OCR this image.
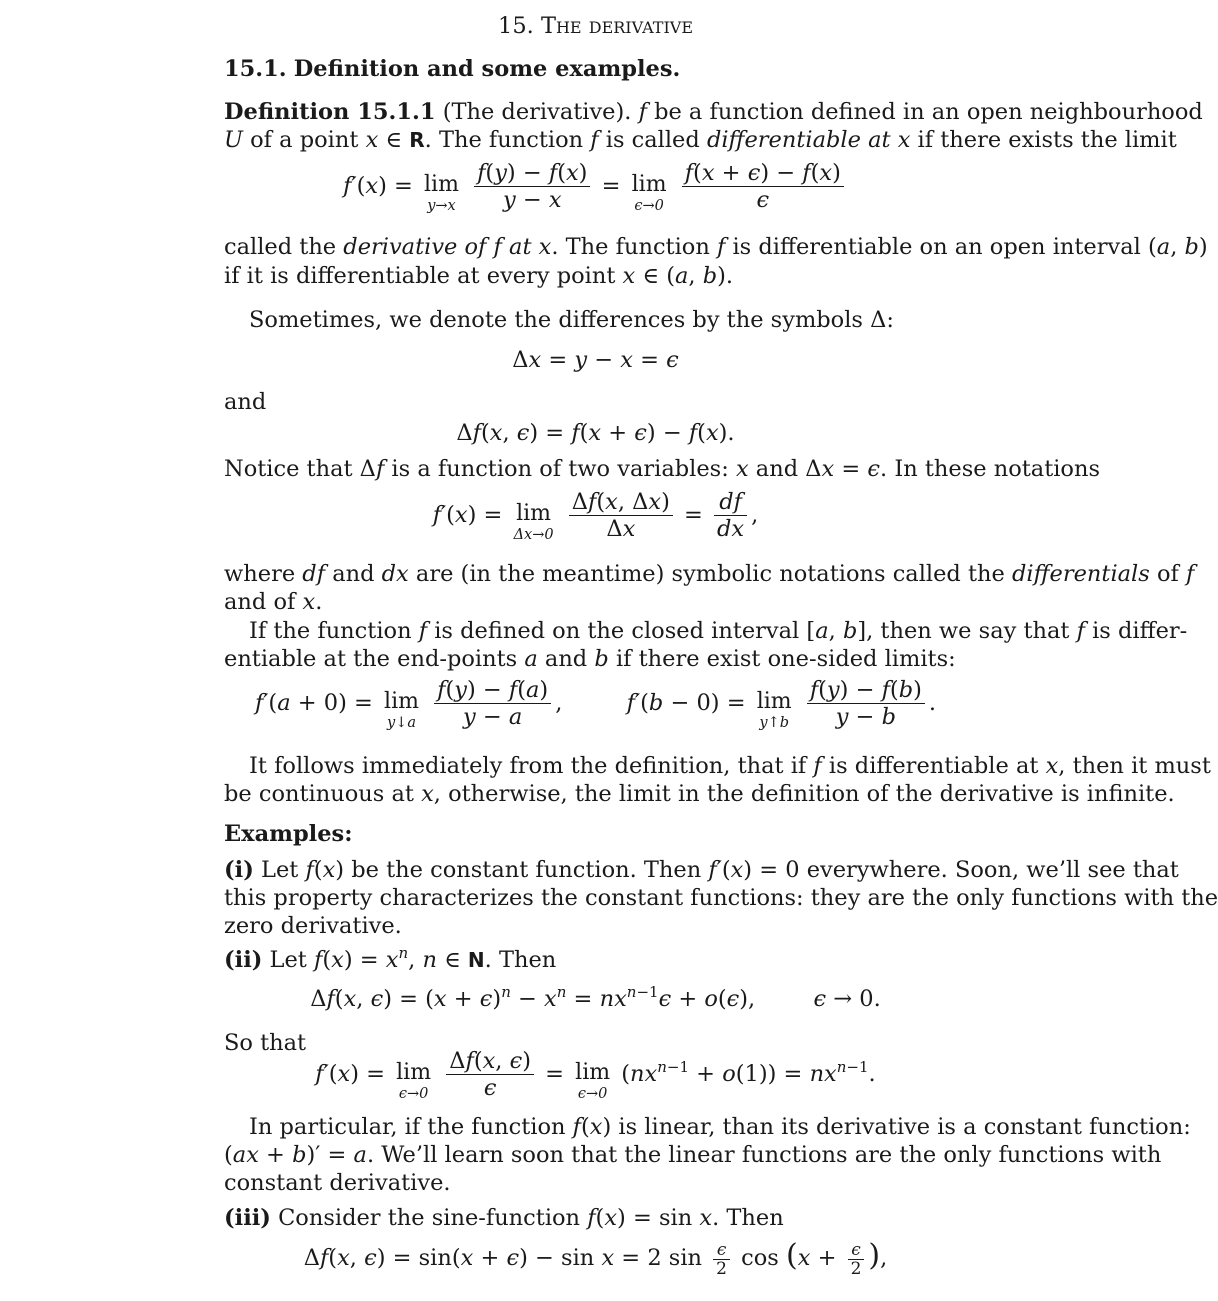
15. The derivative
15.1. Definition and some examples.
Definition 15.1.1 (The derivative). f be a function defined in an open neighbourhood
U of a point x ∈ R. The function f is called differentiable at x if there exists the limit
f′(x) = lim
y→x
$\frac{f(y) - f(x)}{y - x} = \lim$
ϵ→0
$\frac{f(x + \epsilon) - f(x)}{\epsilon}$
called the derivative of f at x. The function f is differentiable on an open interval (a, b)
if it is differentiable at every point x ∈ (a, b).
Sometimes, we denote the differences by the symbols Δ:
Δx = y − x = ϵ
and
Δf(x, ϵ) = f(x + ϵ) − f(x).
Notice that Δf is a function of two variables: x and Δx = ϵ. In these notations
f′(x) = lim
Δx→0
$\frac{\Delta f(x, \Delta x)}{\Delta x} = \frac{df}{dx}$ ,
where df and dx are (in the meantime) symbolic notations called the differentials of f
and of x.
If the function f is defined on the closed interval [a, b], then we say that f is differ-
entiable at the end-points a and b if there exist one-sided limits:
f′(a + 0) = lim
y↓a
$\frac{f(y) - f(a)}{y - a}$ ,	f′(b − 0) = lim
y↑b
$\frac{f(y) - f(b)}{y - b}$ .
It follows immediately from the definition, that if f is differentiable at x, then it must
be continuous at x, otherwise, the limit in the definition of the derivative is infinite.
Examples:
(i) Let f(x) be the constant function. Then f′(x) = 0 everywhere. Soon, we’ll see that
this property characterizes the constant functions: they are the only functions with the
zero derivative.
(ii) Let $f(x) = x^n$, n ∈ N. Then
Δf(x, $\epsilon) = (x + \epsilon)^n - x^n = nx^{n-1}\epsilon + o(\epsilon)$,  ϵ → 0.
So that
f′(x) = lim
ϵ→0
$\frac{\Delta f(x, \epsilon)}{\epsilon} = \lim$
ϵ→0
$(nx^{n-1} + o(1)) = nx^{n-1}$.
In particular, if the function f(x) is linear, than its derivative is a constant function:
(ax + b)′ = a. We’ll learn soon that the linear functions are the only functions with
constant derivative.
(iii) Consider the sine-function f(x) = sin x. Then
Δf(x, ϵ) = sin(x + ϵ) − sin x = 2 $\sin \frac{\epsilon}{2}$ $\cos (x + \frac{\epsilon}{2}$ ),
